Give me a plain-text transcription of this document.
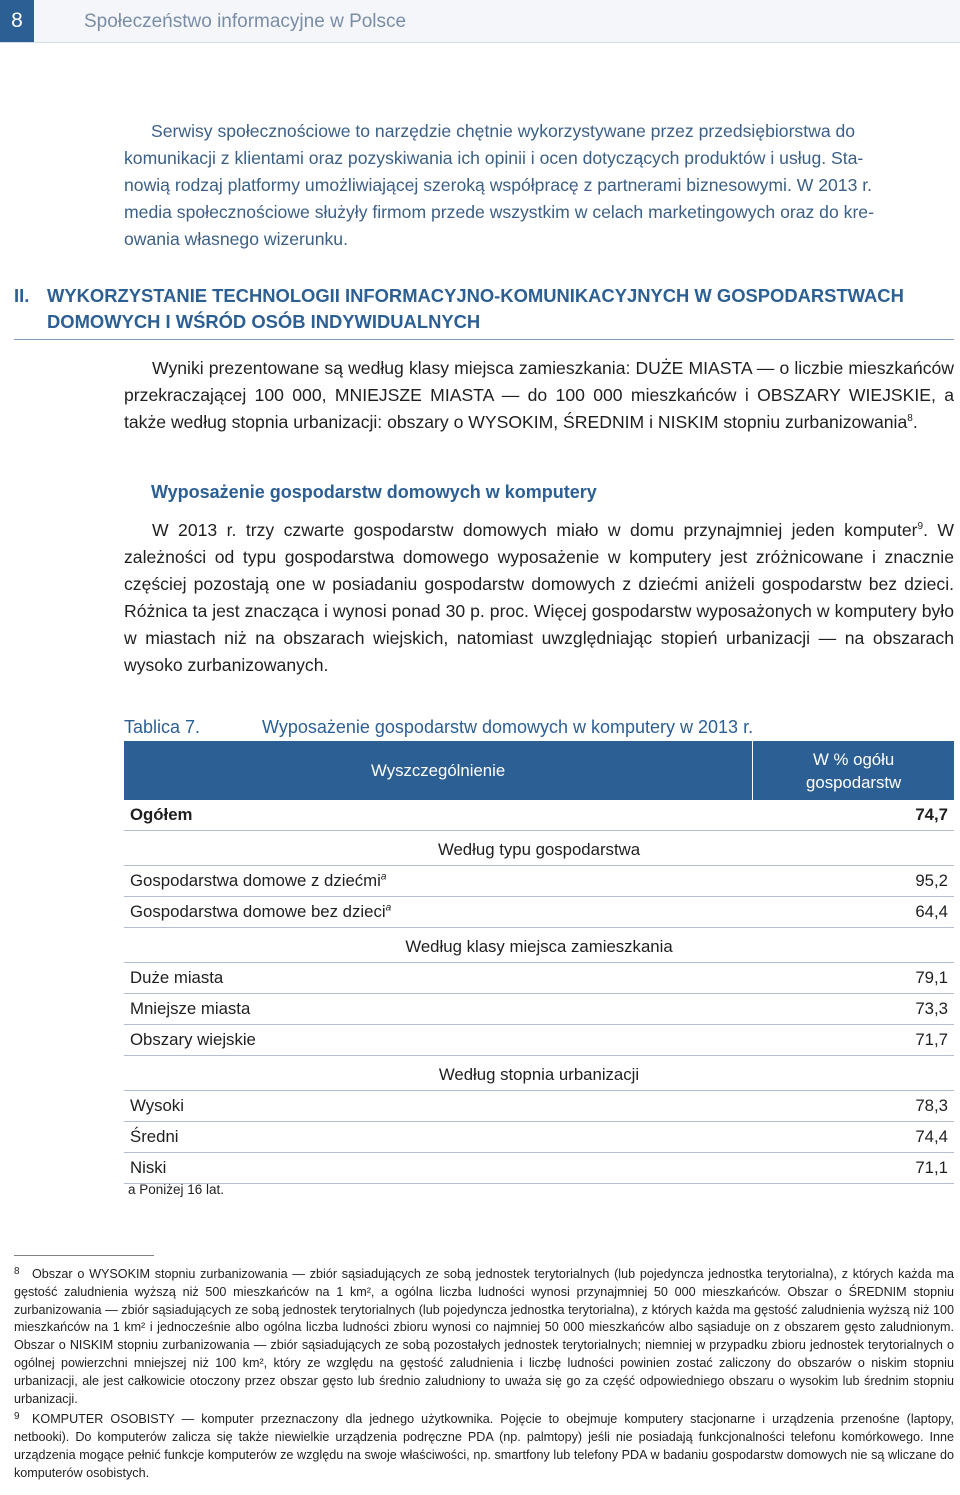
8	Społeczeństwo informacyjne w Polsce
Serwisy społecznościowe to narzędzie chętnie wykorzystywane przez przedsiębiorstwa do
komunikacji z klientami oraz pozyskiwania ich opinii i ocen dotyczących produktów i usług. Sta-
nowią rodzaj platformy umożliwiającej szeroką współpracę z partnerami biznesowymi. W 2013 r.
media społecznościowe służyły firmom przede wszystkim w celach marketingowych oraz do kre-
owania własnego wizerunku.
II. WYKORZYSTANIE TECHNOLOGII INFORMACYJNO-KOMUNIKACYJNYCH W GOSPODARSTWACH DOMOWYCH I WŚRÓD OSÓB INDYWIDUALNYCH

Wyniki prezentowane są według klasy miejsca zamieszkania: DUŻE MIASTA — o liczbie mieszkańców przekraczającej 100 000, MNIEJSZE MIASTA — do 100 000 mieszkańców i OBSZARY WIEJSKIE, a także według stopnia urbanizacji: obszary o WYSOKIM, ŚREDNIM i NISKIM stopniu zurbanizowania$^8$.

Wyposażenie gospodarstw domowych w komputery

W 2013 r. trzy czwarte gospodarstw domowych miało w domu przynajmniej jeden komputer$^9$. W zależności od typu gospodarstwa domowego wyposażenie w komputery jest zróżnicowane i znacznie częściej pozostają one w posiadaniu gospodarstw domowych z dziećmi aniżeli gospodarstw bez dzieci. Różnica ta jest znacząca i wynosi ponad 30 p. proc. Więcej gospodarstw wyposażonych w komputery było w miastach niż na obszarach wiejskich, natomiast uwzględniając stopień urbanizacji — na obszarach wysoko zurbanizowanych.

Tablica 7.	Wyposażenie gospodarstw domowych w komputery w 2013 r.
Wyszczególnienie	W % ogółu
gospodarstw

Ogółem	74,7
Według typu gospodarstwa	
Gospodarstwa domowe z dziećmi$^a$	95,2
Gospodarstwa domowe bez dzieci$^a$	64,4
Według klasy miejsca zamieszkania	
Duże miasta	79,1
Mniejsze miasta	73,3
Obszary wiejskie	71,7
Według stopnia urbanizacji	
Wysoki	78,3
Średni	74,4
Niski	71,1
a Poniżej 16 lat.

8 Obszar o WYSOKIM stopniu zurbanizowania — zbiór sąsiadujących ze sobą jednostek terytorialnych (lub pojedyncza jednostka terytorialna), z których każda ma gęstość zaludnienia wyższą niż 500 mieszkańców na 1 km², a ogólna liczba ludności wynosi przynajmniej 50 000 mieszkańców. Obszar o ŚREDNIM stopniu zurbanizowania — zbiór sąsiadujących ze sobą jednostek terytorialnych (lub pojedyncza jednostka terytorialna), z których każda ma gęstość zaludnienia wyższą niż 100 mieszkańców na 1 km² i jednocześnie albo ogólna liczba ludności zbioru wynosi co najmniej 50 000 mieszkańców albo sąsiaduje on z obszarem gęsto zaludnionym. Obszar o NISKIM stopniu zurbanizowania — zbiór sąsiadujących ze sobą pozostałych jednostek terytorialnych; niemniej w przypadku zbioru jednostek terytorialnych o ogólnej powierzchni mniejszej niż 100 km², który ze względu na gęstość zaludnienia i liczbę ludności powinien zostać zaliczony do obszarów o niskim stopniu urbanizacji, ale jest całkowicie otoczony przez obszar gęsto lub średnio zaludniony to uważa się go za część odpowiedniego obszaru o wysokim lub średnim stopniu urbanizacji.

9 KOMPUTER OSOBISTY — komputer przeznaczony dla jednego użytkownika. Pojęcie to obejmuje komputery stacjonarne i urządzenia przenośne (laptopy, netbooki). Do komputerów zalicza się także niewielkie urządzenia podręczne PDA (np. palmtopy) jeśli nie posiadają funkcjonalności telefonu komórkowego. Inne urządzenia mogące pełnić funkcje komputerów ze względu na swoje właściwości, np. smartfony lub telefony PDA w badaniu gospodarstw domowych nie są wliczane do komputerów osobistych.
